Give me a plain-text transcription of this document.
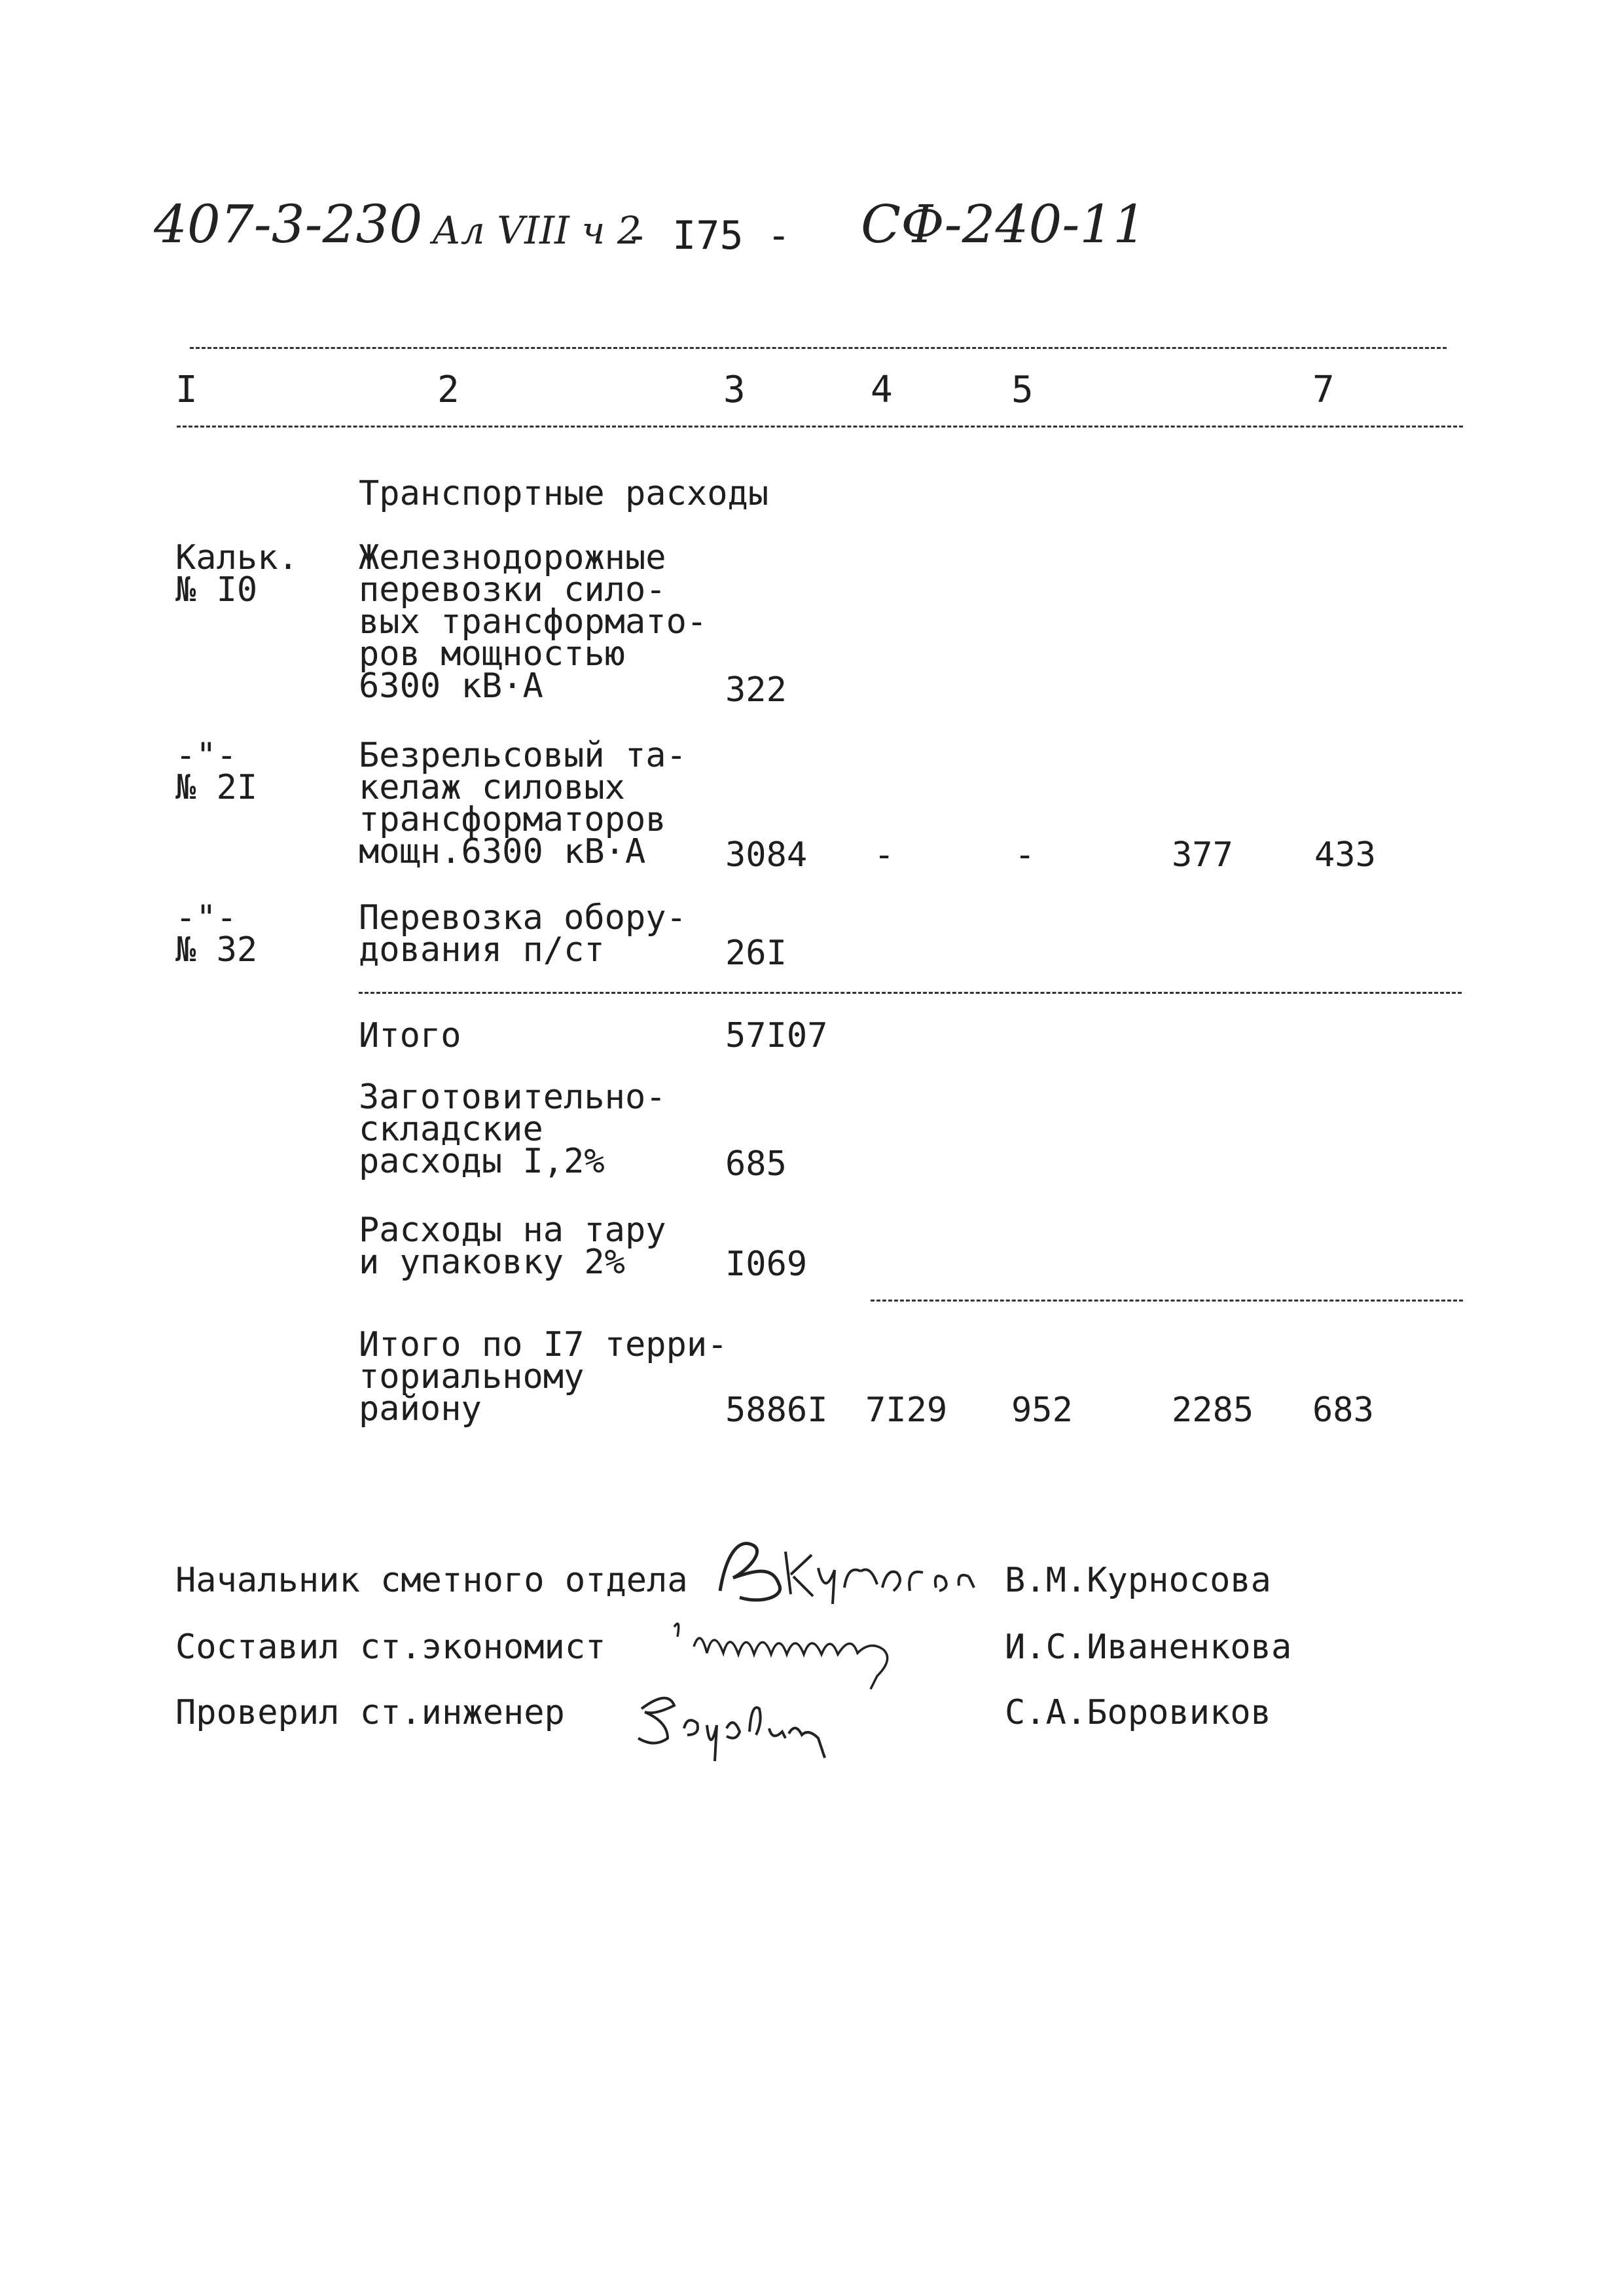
407-3-230 Ал VIII ч 2
- I75 - СФ-240-11
I	2	3	4	5	7
Транспортные расходы
Кальк.
№ I0
Железнодорожные
перевозки сило-
вых трансформато-
ров мощностью
6300 кВ·А	322
-"-
№ 2I
Безрельсовый та-
келаж силовых
трансформаторов
мощн.6300 кВ·А	3084 -	-	377 433
-"-
№ 32
Перевозка обору-
дования п/ст	26I
Итого	57I07
Заготовительно-
складские
расходы I,2%	685
Расходы на тару
и упаковку 2%	I069
Итого по I7 терри-
ториальному
району	5886I 7I29 952	2285 683
Начальник сметного отдела	В.М.Курносова
Составил ст.экономист	И.С.Иваненкова
Проверил ст.инженер	С.А.Боровиков
